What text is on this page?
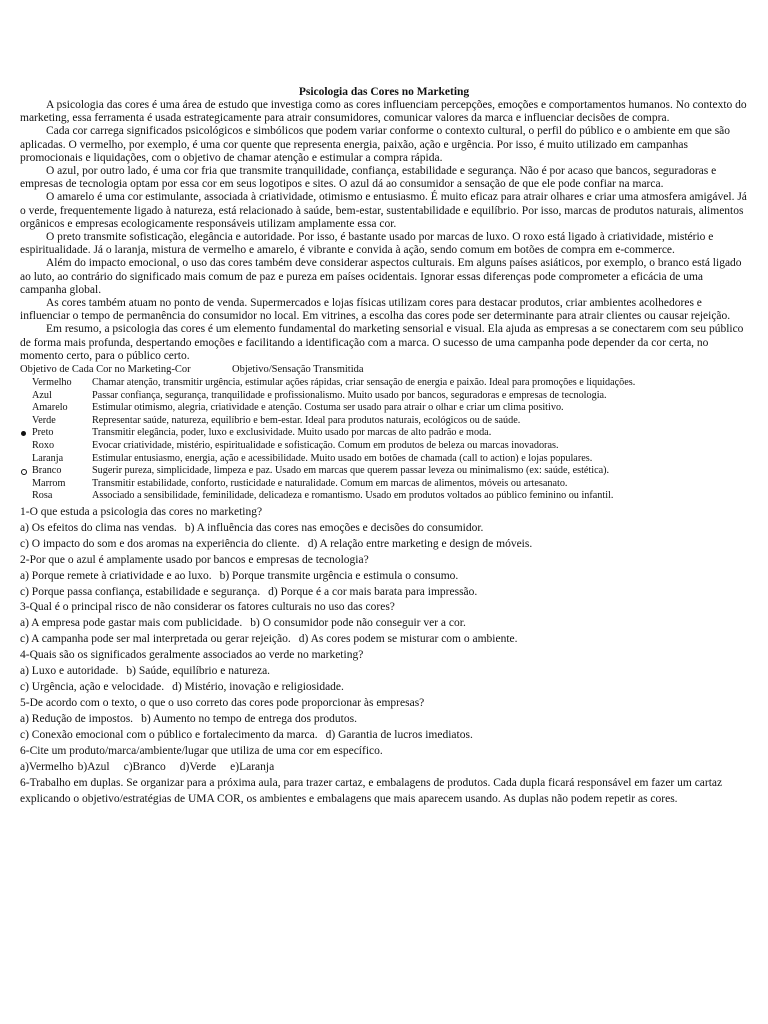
Psicologia das Cores no Marketing

A psicologia das cores é uma área de estudo que investiga como as cores influenciam percepções, emoções e comportamentos humanos. No contexto do marketing, essa ferramenta é usada estrategicamente para atrair consumidores, comunicar valores da marca e influenciar decisões de compra.

Cada cor carrega significados psicológicos e simbólicos que podem variar conforme o contexto cultural, o perfil do público e o ambiente em que são aplicadas. O vermelho, por exemplo, é uma cor quente que representa energia, paixão, ação e urgência. Por isso, é muito utilizado em campanhas promocionais e liquidações, com o objetivo de chamar atenção e estimular a compra rápida.

O azul, por outro lado, é uma cor fria que transmite tranquilidade, confiança, estabilidade e segurança. Não é por acaso que bancos, seguradoras e empresas de tecnologia optam por essa cor em seus logotipos e sites. O azul dá ao consumidor a sensação de que ele pode confiar na marca.

O amarelo é uma cor estimulante, associada à criatividade, otimismo e entusiasmo. É muito eficaz para atrair olhares e criar uma atmosfera amigável. Já o verde, frequentemente ligado à natureza, está relacionado à saúde, bem-estar, sustentabilidade e equilíbrio. Por isso, marcas de produtos naturais, alimentos orgânicos e empresas ecologicamente responsáveis utilizam amplamente essa cor.

O preto transmite sofisticação, elegância e autoridade. Por isso, é bastante usado por marcas de luxo. O roxo está ligado à criatividade, mistério e espiritualidade. Já o laranja, mistura de vermelho e amarelo, é vibrante e convida à ação, sendo comum em botões de compra em e-commerce.

Além do impacto emocional, o uso das cores também deve considerar aspectos culturais. Em alguns países asiáticos, por exemplo, o branco está ligado ao luto, ao contrário do significado mais comum de paz e pureza em países ocidentais. Ignorar essas diferenças pode comprometer a eficácia de uma campanha global.

As cores também atuam no ponto de venda. Supermercados e lojas físicas utilizam cores para destacar produtos, criar ambientes acolhedores e influenciar o tempo de permanência do consumidor no local. Em vitrines, a escolha das cores pode ser determinante para atrair clientes ou causar rejeição.

Em resumo, a psicologia das cores é um elemento fundamental do marketing sensorial e visual. Ela ajuda as empresas a se conectarem com seu público de forma mais profunda, despertando emoções e facilitando a identificação com a marca. O sucesso de uma campanha pode depender da cor certa, no momento certo, para o público certo.

Objetivo de Cada Cor no Marketing-Cor	Objetivo/Sensação Transmitida
Vermelho	Chamar atenção, transmitir urgência, estimular ações rápidas, criar sensação de energia e paixão. Ideal para promoções e liquidações.
Azul	Passar confiança, segurança, tranquilidade e profissionalismo. Muito usado por bancos, seguradoras e empresas de tecnologia.
Amarelo	Estimular otimismo, alegria, criatividade e atenção. Costuma ser usado para atrair o olhar e criar um clima positivo.
Verde	Representar saúde, natureza, equilíbrio e bem-estar. Ideal para produtos naturais, ecológicos ou de saúde.
Preto	Transmitir elegância, poder, luxo e exclusividade. Muito usado por marcas de alto padrão e moda.
Roxo	Evocar criatividade, mistério, espiritualidade e sofisticação. Comum em produtos de beleza ou marcas inovadoras.
Laranja	Estimular entusiasmo, energia, ação e acessibilidade. Muito usado em botões de chamada (call to action) e lojas populares.
Branco	Sugerir pureza, simplicidade, limpeza e paz. Usado em marcas que querem passar leveza ou minimalismo (ex: saúde, estética).
Marrom	Transmitir estabilidade, conforto, rusticidade e naturalidade. Comum em marcas de alimentos, móveis ou artesanato.
Rosa	Associado a sensibilidade, feminilidade, delicadeza e romantismo. Usado em produtos voltados ao público feminino ou infantil.

1-O que estuda a psicologia das cores no marketing?

a) Os efeitos do clima nas vendas. b) A influência das cores nas emoções e decisões do consumidor.

c) O impacto do som e dos aromas na experiência do cliente. d) A relação entre marketing e design de móveis.

2-Por que o azul é amplamente usado por bancos e empresas de tecnologia?

a) Porque remete à criatividade e ao luxo. b) Porque transmite urgência e estimula o consumo.

c) Porque passa confiança, estabilidade e segurança. d) Porque é a cor mais barata para impressão.

3-Qual é o principal risco de não considerar os fatores culturais no uso das cores?

a) A empresa pode gastar mais com publicidade. b) O consumidor pode não conseguir ver a cor.

c) A campanha pode ser mal interpretada ou gerar rejeição. d) As cores podem se misturar com o ambiente.

4-Quais são os significados geralmente associados ao verde no marketing?

a) Luxo e autoridade. b) Saúde, equilíbrio e natureza.

c) Urgência, ação e velocidade. d) Mistério, inovação e religiosidade.

5-De acordo com o texto, o que o uso correto das cores pode proporcionar às empresas?

a) Redução de impostos. b) Aumento no tempo de entrega dos produtos.

c) Conexão emocional com o público e fortalecimento da marca. d) Garantia de lucros imediatos.

6-Cite um produto/marca/ambiente/lugar que utiliza de uma cor em específico.

a)Vermelho b)Azul c)Branco d)Verde e)Laranja

6-Trabalho em duplas. Se organizar para a próxima aula, para trazer cartaz, e embalagens de produtos. Cada dupla ficará responsável em fazer um cartaz explicando o objetivo/estratégias de UMA COR, os ambientes e embalagens que mais aparecem usando. As duplas não podem repetir as cores.
